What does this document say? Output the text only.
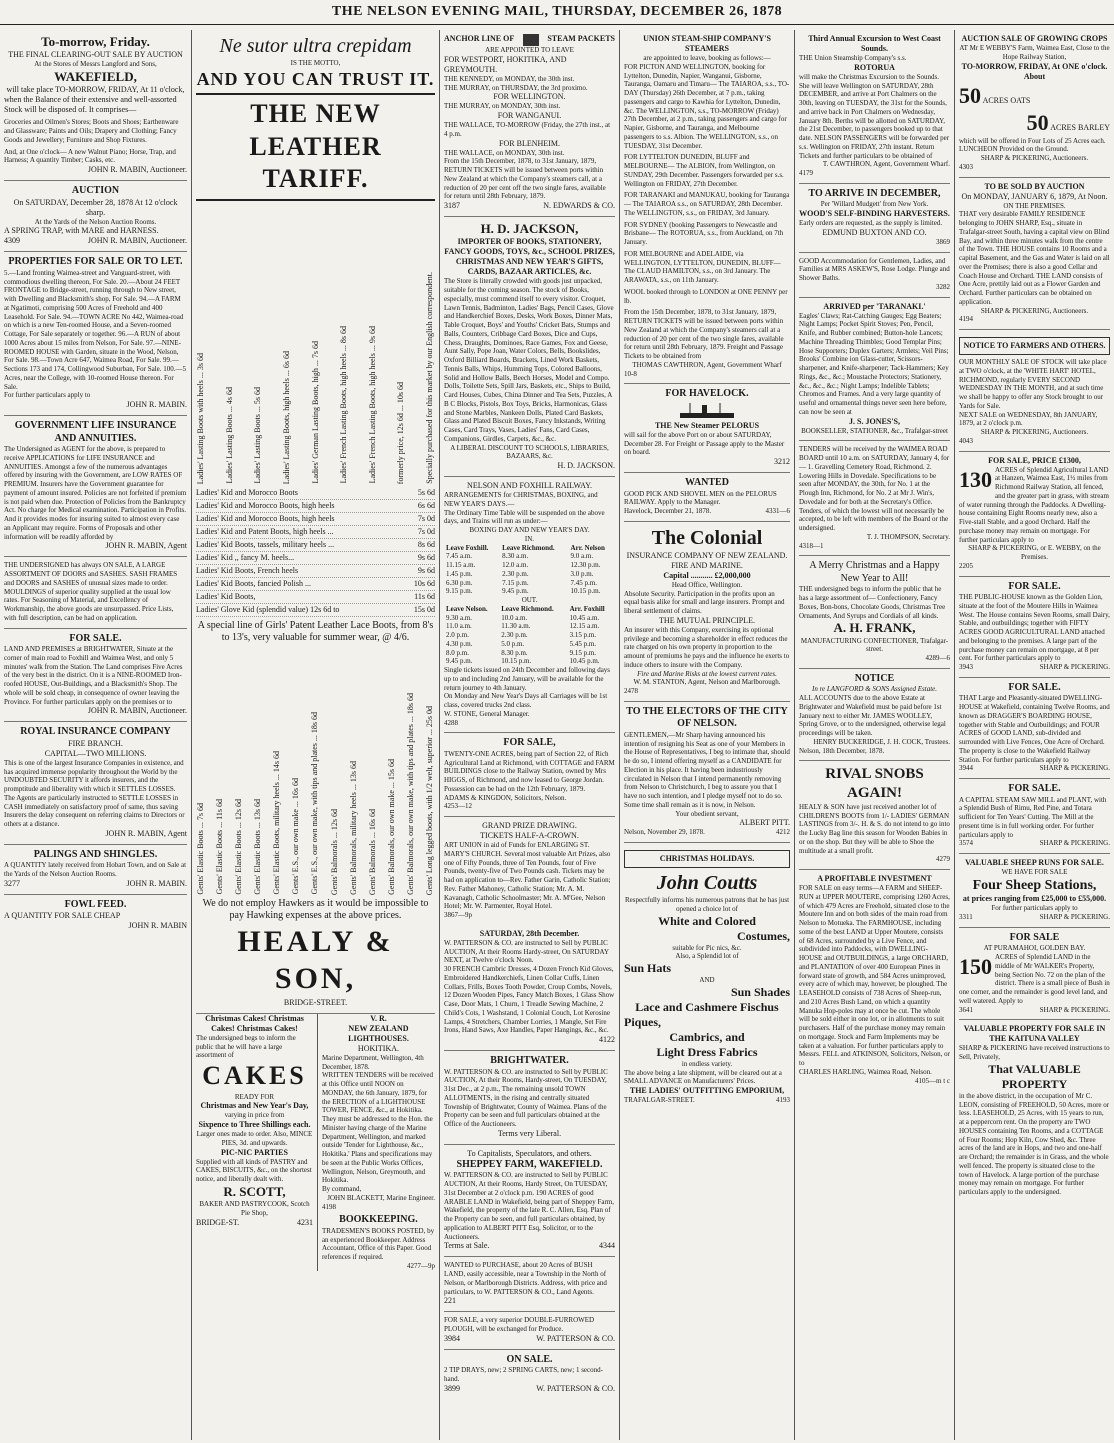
THE NELSON EVENING MAIL, THURSDAY, DECEMBER 26, 1878
To-morrow, Friday.
THE FINAL CLEARING-OUT SALE BY AUCTION
At the Stores of Messrs Langford and Sons,
WAKEFIELD,
will take place TO-MORROW, FRIDAY, At 11 o'clock,
when the Balance of their extensive and well-assorted Stock will be disposed of. It comprises—
Groceries and Oilmen's Stores; Boots and Shoes; Earthenware and Glassware; Paints and Oils; Drapery and Clothing; Fancy Goods and Jewellery; Furniture and Shop Fixtures.
And, at One o'clock— A new Walnut Piano; Horse, Trap, and Harness; A quantity Timber; Casks, etc.
JOHN R. MABIN, Auctioneer.
AUCTION
On SATURDAY, December 28, 1878 At 12 o'clock sharp.
At the Yards of the Nelson Auction Rooms.
A SPRING TRAP, with MARE and HARNESS.
4309	JOHN R. MABIN, Auctioneer.
PROPERTIES FOR SALE OR TO LET.
5.—Land fronting Waimea-street and Vanguard-street, with commodious dwelling thereon, For Sale. 20.—About 24 FEET FRONTAGE to Bridge-street, running through to New street, with Dwelling and Blacksmith's shop, For Sale. 94.—A FARM at Ngatimoti, comprising 500 Acres of Freehold and 400 Leasehold. For Sale. 94.—TOWN ACRE No 442, Waimea-road on which is a new Ten-roomed House, and a Seven-roomed Cottage, For Sale separately or together. 96.—A RUN of about 1000 Acres about 15 miles from Nelson, For Sale. 97.—NINE-ROOMED HOUSE with Garden, situate in the Wood, Nelson, For Sale. 98.—Town Acre 647, Waimea Road, For Sale. 99.—Sections 173 and 174, Collingwood Suburban, For Sale. 100.—5 Acres, near the College, with 10-roomed House thereon. For Sale.
For further particulars apply to
JOHN R. MABIN.
GOVERNMENT LIFE INSURANCE AND ANNUITIES.
The Undersigned as AGENT for the above, is prepared to receive APPLICATIONS for LIFE INSURANCE and ANNUITIES. Amongst a few of the numerous advantages offered by insuring with the Government, are LOW RATES OF PREMIUM. Insurers have the Government guarantee for payment of amount insured. Policies are not forfeited if premium is not paid when due. Protection of Policies from the Bankruptcy Act. No charge for Medical examination. Participation in Profits. And it provides modes for insuring suited to almost every case an Applicant may require. Forms of Proposals and other information will be readily afforded by
JOHN R. MABIN, Agent
THE UNDERSIGNED has always ON SALE, A LARGE ASSORTMENT OF DOORS and SASHES. SASH FRAMES and DOORS and SASHES of unusual sizes made to order. MOULDINGS of superior quality supplied at the usual low rates. For Seasoning of Material, and Excellency of Workmanship, the above goods are unsurpassed. Price Lists, with full description, can be had on application.
FOR SALE.
LAND AND PREMISES at BRIGHTWATER, Situate at the corner of main road to Foxhill and Waimea West, and only 5 minutes' walk from the Station. The Land comprises Five Acres of the very best in the district. On it is a NINE-ROOMED Iron-roofed HOUSE, Out-Buildings, and a Blacksmith's Shop. The whole will be sold cheap, in consequence of owner leaving the Province. For further particulars apply on the premises or to
JOHN R. MABIN, Auctioneer.
ROYAL INSURANCE COMPANY
FIRE BRANCH.
CAPITAL—TWO MILLIONS.
This is one of the largest Insurance Companies in existence, and has acquired immense popularity throughout the World by the UNDOUBTED SECURITY it affords insurers, and the promptitude and liberality with which it SETTLES LOSSES. The Agents are particularly instructed to SETTLE LOSSES in CASH immediately on satisfactory proof of same, thus saving Insurers the delay consequent on referring claims to Directors or others at a distance.
JOHN R. MABIN, Agent
PALINGS AND SHINGLES.
A QUANTITY lately received from Hobart Town, and on Sale at the Yards of the Nelson Auction Rooms.
3277	JOHN R. MABIN.
FOWL FEED.
A QUANTITY FOR SALE CHEAP
JOHN R. MABIN
Ne sutor ultra crepidam
IS THE MOTTO,
AND YOU CAN TRUST IT.
THE NEW LEATHER TARIFF.
Ladies' Lasting Boots with heels ... 3s 6d Ladies' Lasting Boots ... 4s 6d Ladies' Lasting Boots ... 5s 6d Ladies' Lasting Boots, high heels ... 6s 6d Ladies' German Lasting Boots, high ... 7s 6d Ladies' French Lasting Boots, high heels ... 8s 6d Ladies' French Lasting Boots, high heels ... 9s 6d formerly price, 12s 6d ... 10s 6d Specially purchased for this market by our English correspondent.
Ladies' Kid and Morocco Boots	5s 6d
Ladies' Kid and Morocco Boots, high heels	6s 6d
Ladies' Kid and Morocco Boots, high heels	7s 0d
Ladies' Kid and Patent Boots, high heels ...	7s 0d
Ladies' Kid Boots, tassels, military heels ...	8s 6d
Ladies' Kid ,, fancy M. heels...	9s 6d
Ladies' Kid Boots, French heels	9s 6d
Ladies' Kid Boots, fancied Polish ...	10s 6d
Ladies' Kid Boots,	11s 6d
Ladies' Glove Kid (splendid value) 12s 6d to	15s 0d
A special line of Girls' Patent Leather Lace Boots, from 8's to 13's, very valuable for summer wear, @ 4/6.
Gents' Elastic Boots ... 7s 6d Gents' Elastic Boots ... 11s 6d Gents' Elastic Boots ... 12s 6d Gents' Elastic Boots ... 13s 6d Gents' Elastic Boots, military heels ... 14s 6d Gents' E.S., our own make ... 16s 6d Gents' E.S., our own make, with tips and plates ... 18s 6d Gents' Balmorals ... 12s 6d Gents' Balmorals, military heels ... 13s 6d Gents' Balmorals ... 16s 6d Gents' Balmorals, our own make ... 15s 6d Gents' Balmorals, our own make, with tips and plates ... 18s 6d Gents' Long legged boots, with 1/2 welt, superior ... 25s 0d
We do not employ Hawkers as it would be impossible to pay Hawking expenses at the above prices.
HEALY & SON,
BRIDGE-STREET.
Christmas Cakes! Christmas Cakes! Christmas Cakes!
The undersigned begs to inform the public that he will have a large assortment of
CAKES
READY FOR
Christmas and New Year's Day,
varying in price from
Sixpence to Three Shillings each.
Larger ones made to order. Also, MINCE PIES, 3d. and upwards.
PIC-NIC PARTIES
Supplied with all kinds of PASTRY and CAKES, BISCUITS, &c., on the shortest notice, and liberally dealt with.
R. SCOTT,
BAKER AND PASTRYCOOK, Scotch Pie Shop,
BRIDGE-ST.	4231
V. R.
NEW ZEALAND LIGHTHOUSES.
HOKITIKA.
Marine Department, Wellington, 4th December, 1878.
WRITTEN TENDERS will be received at this Office until NOON on MONDAY, the 6th January, 1879, for the ERECTION of a LIGHTHOUSE TOWER, FENCE, &c., at Hokitika. They must be addressed to the Hon. the Minister having charge of the Marine Department, Wellington, and marked outside 'Tender for Lighthouse, &c., Hokitika.' Plans and specifications may be seen at the Public Works Offices, Wellington, Nelson, Greymouth, and Hokitika.
By command,
JOHN BLACKETT, Marine Engineer.
4198
BOOKKEEPING.
TRADESMEN'S BOOKS POSTED, by an experienced Bookkeeper. Address Accountant, Office of this Paper. Good references if required.
4277—9p
ANCHOR LINE OF	STEAM PACKETS
ARE APPOINTED TO LEAVE
FOR WESTPORT, HOKITIKA, AND GREYMOUTH.
THE KENNEDY, on MONDAY, the 30th inst.
THE MURRAY, on THURSDAY, the 3rd proximo.
FOR WELLINGTON.
THE MURRAY, on MONDAY, 30th inst.
FOR WANGANUI.
THE WALLACE, TO-MORROW (Friday, the 27th inst., at 4 p.m.
FOR BLENHEIM.
THE WALLACE, on MONDAY, 30th inst.
From the 15th December, 1878, to 31st January, 1879, RETURN TICKETS will be issued between ports within New Zealand at which the Company's steamers call, at a reduction of 20 per cent off the two single fares, available for return until 28th February, 1879.
3187	N. EDWARDS & CO.
H. D. JACKSON,
IMPORTER OF BOOKS, STATIONERY, FANCY GOODS, TOYS, &c., SCHOOL PRIZES, CHRISTMAS AND NEW YEAR'S GIFTS, CARDS, BAZAAR ARTICLES, &c.
The Store is literally crowded with goods just unpacked, suitable for the coming season. The stock of Books, especially, must commend itself to every visitor. Croquet, Lawn Tennis, Badminton, Ladies' Bags, Pencil Cases, Glove and Handkerchief Boxes, Desks, Work Boxes, Dinner Mats, Table Croquet, Boys' and Youths' Cricket Bats, Stumps and Balls, Counters, Cribbage Card Boxes, Dice and Cups, Chess, Draughts, Dominoes, Race Games, Fox and Geese, Aunt Sally, Pope Joan, Water Colors, Bells, Bookslides, Oxford Billiard Boards, Brackets, Lined Work Baskets, Tennis Balls, Whips, Humming Tops, Colored Balloons, Solid and Hollow Balls, Beech Horses, Model and Compo. Dolls, Toilette Sets, Spill Jars, Baskets, etc., Ships to Build, Card Houses, Cubes, China Dinner and Tea Sets, Puzzles, A B C Blocks, Pistols, Box Toys, Bricks, Harmonicas, Glass and Stone Marbles, Nankeen Dolls, Plated Card Baskets, Glass and Plated Biscuit Boxes, Fancy Inkstands, Writing Cases, Card Trays, Vases, Ladies' Fans, Card Cases, Companions, Girdles, Carpets, &c., &c.
A LIBERAL DISCOUNT TO SCHOOLS, LIBRARIES, BAZAARS, &c.
H. D. JACKSON.
NELSON AND FOXHILL RAILWAY.
ARRANGEMENTS for CHRISTMAS, BOXING, and NEW YEAR'S DAYS.—
The Ordinary Time Table will be suspended on the above days, and Trains will run as under:—
BOXING DAY AND NEW YEAR'S DAY.
IN.
Leave Foxhill.	Leave Richmond.	Arr. Nelson
7.45 a.m.	8.30 a.m.	9.0 a.m.
11.15 a.m.	12.0 a.m.	12.30 p.m.
1.45 p.m.	2.30 p.m.	3.0 p.m.
6.30 p.m.	7.15 p.m.	7.45 p.m.
9.15 p.m.	9.45 p.m.	10.15 p.m.
OUT.
Leave Nelson.	Leave Richmond.	Arr. Foxhill
9.30 a.m.	10.0 a.m.	10.45 a.m.
11.0 a.m.	11.30 a.m.	12.15 a.m.
2.0 p.m.	2.30 p.m.	3.15 p.m.
4.30 p.m.	5.0 p.m.	5.45 p.m.
8.0 p.m.	8.30 p.m.	9.15 p.m.
9.45 p.m.	10.15 p.m.	10.45 p.m.
Single tickets issued on 24th December and following days up to and including 2nd January, will be available for the return journey to 4th January.
On Monday and New Year's Days all Carriages will be 1st class, covered trucks 2nd class.
W. STONE, General Manager.
4288
FOR SALE,
TWENTY-ONE ACRES, being part of Section 22, of Rich Agricultural Land at Richmond, with COTTAGE and FARM BUILDINGS close to the Railway Station, owned by Mrs HIGGS, of Richmond, and now leased to George Jordan. Possession can be had on the 12th February, 1879.
ADAMS & KINGDON, Solicitors, Nelson.
4253—12
GRAND PRIZE DRAWING.
TICKETS HALF-A-CROWN.
ART UNION in aid of Funds for ENLARGING ST. MARY'S CHURCH. Several most valuable Art Prizes, also one of Fifty Pounds, three of Ten Pounds, four of Five Pounds, twenty-five of Two Pounds cash. Tickets may be had on application to—Rev. Father Garin, Catholic Station; Rev. Father Mahoney, Catholic Station; Mr. A. M. Kavanagh, Catholic Schoolmaster; Mr. A. M'Gee, Nelson Hotel; Mr. W. Parmenter, Royal Hotel.
3867—9p
SATURDAY, 28th December.
W. PATTERSON & CO. are instructed to Sell by PUBLIC AUCTION, At their Rooms Hardy-street, On SATURDAY NEXT, at Twelve o'clock Noon.
30 FRENCH Cambric Dresses, 4 Dozen French Kid Gloves, Embroidered Handkerchiefs, Linen Collar Cuffs, Linen Collars, Frills, Boxes Tooth Powder, Croup Combs, Novels, 12 Dozen Wooden Pipes, Fancy Match Boxes, 1 Glass Show Case, Door Mats, 1 Churn, 1 Treadle Sewing Machine, 2 Child's Cots, 1 Washstand, 1 Colonial Couch, Lot Kerosine Lamps, 4 Stretchers, Chamber Lorries, 1 Mangle, Set Fire Irons, Hand Saws, Axe Handles, Paper Hangings, &c., &c.
4122
BRIGHTWATER.
W. PATTERSON & CO. are instructed to Sell by PUBLIC AUCTION, At their Rooms, Hardy-street, On TUESDAY, 31st Dec., at 2 p.m., The remaining unsold TOWN ALLOTMENTS, in the rising and centrally situated Township of Brightwater, County of Waimea. Plans of the Property can be seen and full particulars obtained at the Office of the Auctioneers.
Terms very Liberal.
To Capitalists, Speculators, and others.
SHEPPEY FARM, WAKEFIELD.
W. PATTERSON & CO. are instructed to Sell by PUBLIC AUCTION, At their Rooms, Hardy Street, On TUESDAY, 31st December at 2 o'clock p.m. 190 ACRES of good ARABLE LAND in Wakefield, being part of Sheppey Farm, Wakefield, the property of the late R. C. Allen, Esq. Plan of the Property can be seen, and full particulars obtained, by application to ALBERT PITT Esq, Solicitor, or to the Auctioneers.
Terms at Sale.	4344
WANTED to PURCHASE, about 20 Acres of BUSH LAND, easily accessible, near a Township in the North of Nelson, or Marlborough Districts. Address, with price and particulars, to W. PATTERSON & CO., Land Agents.
221
FOR SALE, a very superior DOUBLE-FURROWED PLOUGH, will be exchanged for Produce.
3984	W. PATTERSON & CO.
ON SALE.
2 TIP DRAYS, new; 2 SPRING CARTS, new; 1 second-hand.
3899	W. PATTERSON & CO.
UNION STEAM-SHIP COMPANY'S STEAMERS
are appointed to leave, booking as follows:—
FOR PICTON AND WELLINGTON, booking for Lyttelton, Dunedin, Napier, Wanganui, Gisborne, Tauranga, Oamaru and Timaru— The TAIAROA, s.s., TO-DAY (Thursday) 26th December, at 7 p.m., taking passengers and cargo to Kawhia for Lyttelton, Dunedin, &c. The WELLINGTON, s.s., TO-MORROW (Friday) 27th December, at 2 p.m., taking passengers and cargo for Napier, Gisborne, and Tauranga, and Melbourne passengers to s.s. Albion. The WELLINGTON, s.s., on TUESDAY, 31st December.
FOR LYTTELTON DUNEDIN, BLUFF and MELBOURNE— The ALBION, from Wellington, on SUNDAY, 29th December. Passengers forwarded per s.s. Wellington on FRIDAY, 27th December.
FOR TARANAKI and MANUKAU, booking for Tauranga— The TAIAROA s.s., on SATURDAY, 28th December. The WELLINGTON, s.s., on FRIDAY, 3rd January.
FOR SYDNEY (booking Passengers to Newcastle and Brisbane— The ROTORUA, s.s., from Auckland, on 7th January.
FOR MELBOURNE and ADELAIDE, via WELLINGTON, LYTTELTON, DUNEDIN, BLUFF— The CLAUD HAMILTON, s.s., on 3rd January. The ARAWATA, s.s., on 11th January.
WOOL booked through to LONDON at ONE PENNY per lb.
From the 15th December, 1878, to 31st January, 1879, RETURN TICKETS will be issued between ports within New Zealand at which the Company's steamers call at a reduction of 20 per cent of the two single fares, available for return until 28th February, 1879. Freight and Passage Tickets to be obtained from
THOMAS CAWTHRON, Agent, Government Wharf
10-8
FOR HAVELOCK.
THE New Steamer PELORUS
will sail for the above Port on or about SATURDAY, December 28. For Freight or Passage apply to the Master on board.
3212
WANTED
GOOD PICK AND SHOVEL MEN on the PELORUS RAILWAY. Apply to the Manager.
Havelock, December 21, 1878.	4331—6
The Colonial
INSURANCE COMPANY OF NEW ZEALAND.
FIRE AND MARINE.
Capital ........... £2,000,000
Head Office, Wellington.
Absolute Security. Participation in the profits upon an equal basis alike for small and large insurers. Prompt and liberal settlement of claims.
THE MUTUAL PRINCIPLE.
An insurer with this Company, exercising its optional privilege and becoming a shareholder in effect reduces the rate charged on his own property in proportion to the amount of premiums he pays and the influence he exerts to induce others to insure with the Company.
Fire and Marine Risks at the lowest current rates.
W. M. STANTON, Agent, Nelson and Marlborough.
2478
TO THE ELECTORS OF THE CITY OF NELSON.
GENTLEMEN,—Mr Sharp having announced his intention of resigning his Seat as one of your Members in the House of Representatives, I beg to intimate that, should he do so, I intend offering myself as a CANDIDATE for Election in his place. It having been industriously circulated in Nelson that I intend permanently removing from Nelson to Christchurch, I beg to assure you that I have no such intention, and I pledge myself not to do so. Some time shall remain as it is now, in Nelson.
Your obedient servant,
ALBERT PITT.
Nelson, November 29, 1878.	4212
CHRISTMAS HOLIDAYS.
John Coutts
Respectfully informs his numerous patrons that he has just opened a choice lot of
White and Colored
Costumes,
suitable for Pic nics, &c.
Also, a Splendid lot of
Sun Hats
AND
Sun Shades
Lace and Cashmere Fischus
Piques,
Cambrics, and
Light Dress Fabrics
in endless variety.
The above being a late shipment, will be cleared out at a SMALL ADVANCE on Manufacturers' Prices.
THE LADIES' OUTFITTING EMPORIUM,
TRAFALGAR-STREET.	4193
Third Annual Excursion to West Coast Sounds.
THE Union Steamship Company's s.s.
ROTORUA
will make the Christmas Excursion to the Sounds. She will leave Wellington on SATURDAY, 28th DECEMBER, and arrive at Port Chalmers on the 30th, leaving on TUESDAY, the 31st for the Sounds, and arrive back in Port Chalmers on Wednesday, January 8th. Berths will be allotted on SATURDAY, the 21st December, to passengers booked up to that date. NELSON PASSENGERS will be forwarded per s.s. Wellington on FRIDAY, 27th instant. Return Tickets and further particulars to be obtained of
T. CAWTHRON, Agent, Government Wharf.
4179
TO ARRIVE IN DECEMBER,
Per 'Willard Mudgett' from New York.
WOOD'S SELF-BINDING HARVESTERS.
Early orders are requested, as the supply is limited.
EDMUND BUXTON AND CO.
3869
GOOD Accommodation for Gentlemen, Ladies, and Families at MRS ASKEW'S, Rose Lodge. Plunge and Shower Baths.
3282
ARRIVED per 'TARANAKI.'
Eagles' Claws; Rat-Catching Gauges; Egg Beaters; Night Lamps; Pocket Spirit Stoves; Pen, Pencil, Knife, and Rubber combined; Button-hole Lancets; Machine Threading Thimbles; Good Templar Pins; Hose Supporters; Duplex Garters; Armlets; Veil Pins; Brooks' Combine ion Glass-cutter, Scissors-sharpener, and Knife-sharpener; Tack-Hammers; Key Rings, &c., &c.; Moustache Protectors; Stationery, &c., &c., &c.; Night Lamps; Indelible Tablets; Chromos and Frames. And a very large quantity of useful and ornamental things never seen here before, can now be seen at
J. S. JONES'S,
BOOKSELLER, STATIONER, &c., Trafalgar-street
TENDERS will be received by the WAIMEA ROAD BOARD until 10 a.m. on SATURDAY, January 4, for— 1. Gravelling Cemetery Road, Richmond. 2. Lowering Hills in Dovedale. Specifications to be seen after MONDAY, the 30th, for No. 1 at the Plough Inn, Richmond, for No. 2 at Mr J. Win's, Dovedale and for both at the Secretary's Office. Tenders, of which the lowest will not necessarily be accepted, to be left with members of the Board or the undersigned.
T. J. THOMPSON, Secretary.
4318—1
A Merry Christmas and a Happy New Year to All!
THE undersigned begs to inform the public that he has a large assortment of— Confectionery, Fancy Boxes, Bon-bons, Chocolate Goods, Christmas Tree Ornaments, And Syrups and Cordials of all kinds.
A. H. FRANK,
MANUFACTURING CONFECTIONER, Trafalgar-street.
4289—6
NOTICE
In re LANGFORD & SONS Assigned Estate.
ALL ACCOUNTS due to the above Estate at Brightwater and Wakefield must be paid before 1st January next to either Mr. JAMES WOOLLEY, Spring Grove, or to the undersigned, otherwise legal proceedings will be taken.
HENRY BUCKERIDGE, J. H. COCK, Trustees.
Nelson, 18th December, 1878.
RIVAL SNOBS AGAIN!
HEALY & SON have just received another lot of CHILDREN'S BOOTS from 1/- LADIES' GERMAN LASTINGS from 3/-. H. & S. do not intend to go into the Lucky Bag line this season for Wooden Babies in or on the shop. But they will be able to Shoe the multitude at a small profit.
4279
A PROFITABLE INVESTMENT
FOR SALE on easy terms—A FARM and SHEEP-RUN at UPPER MOUTERE, comprising 1260 Acres, of which 479 Acres are Freehold, situated close to the Moutere Inn and on both sides of the main road from Nelson to Motueka. The FARMHOUSE, including some of the best LAND at Upper Moutere, consists of 68 Acres, surrounded by a Live Fence, and subdivided into Paddocks, with DWELLING-HOUSE and OUTBUILDINGS, a large ORCHARD, and PLANTATION of over 400 European Pines in forward state of growth, and 584 Acres unimproved, every acre of which may, however, be ploughed. The LEASEHOLD consists of 738 Acres of Sheep-run, and 210 Acres Bush Land, on which a quantity Manuka Hop-poles may at once be cut. The whole will be sold either in one lot, or in allotments to suit purchasers. Half of the purchase money may remain on mortgage. Stock and Farm Implements may be taken at a valuation. For further particulars apply to Messrs. FELL and ATKINSON, Solicitors, Nelson, or to
CHARLES HARLING, Waimea Road, Nelson.
4105—m t c
AUCTION SALE OF GROWING CROPS
AT Mr E WEBBY'S Farm, Waimea East, Close to the Hope Railway Station,
TO-MORROW, FRIDAY, At ONE o'clock. About
50 ACRES OATS
50 ACRES BARLEY
which will be offered in Four Lots of 25 Acres each. LUNCHEON Provided on the Ground.
SHARP & PICKERING, Auctioneers.
4303
TO BE SOLD BY AUCTION
On MONDAY, JANUARY 6, 1879, At Noon.
ON THE PREMISES.
THAT very desirable FAMILY RESIDENCE belonging to JOHN SHARP, Esq., situate in Trafalgar-street South, having a capital view on Blind Bay, and within three minutes walk from the centre of the Town. THE HOUSE contains 10 Rooms and a capital Basement, and the Gas and Water is laid on all over the Premises; there is also a good Cellar and Coach House and Orchard. THE LAND consists of One Acre, prettily laid out as a Flower Garden and Orchard. Further particulars can be obtained on application.
SHARP & PICKERING, Auctioneers.
4194
NOTICE TO FARMERS AND OTHERS.
OUR MONTHLY SALE OF STOCK will take place at TWO o'clock, at the 'WHITE HART' HOTEL, RICHMOND, regularly EVERY SECOND WEDNESDAY IN THE MONTH, and at such time we shall be happy to offer any Stock brought to our Yards for Sale.
NEXT SALE on WEDNESDAY, 8th JANUARY, 1879, at 2 o'clock p.m.
SHARP & PICKERING, Auctioneers.
4043
FOR SALE, PRICE £1300,
130 ACRES of Splendid Agricultural LAND at Hanzen, Waimea East, 1½ miles from Richmond Railway Station, all fenced, and the greater part in grass, with stream of water running through the Paddocks. A Dwelling-house containing Eight Rooms nearly new, also a Five-stall Stable, and a good Orchard. Half the purchase money may remain on mortgage. For further particulars apply to
SHARP & PICKERING, or E. WEBBY, on the Premises.
2205
FOR SALE.
THE PUBLIC-HOUSE known as the Golden Lion, situate at the foot of the Moutere Hills in Waimea West. The House contains Seven Rooms, small Dairy, Stable, and outbuildings; together with FIFTY ACRES GOOD AGRICULTURAL LAND attached and belonging to the premises. A large part of the purchase money can remain on mortgage, at 8 per cent. For further particulars apply to
3943	SHARP & PICKERING.
FOR SALE.
THAT Large and Pleasantly-situated DWELLING-HOUSE at Wakefield, containing Twelve Rooms, and known as DRAGGER'S BOARDING HOUSE, together with Stable and Outbuildings; and FOUR ACRES of GOOD LAND, sub-divided and surrounded with Live Fences, One Acre of Orchard. The property is close to the Wakefield Railway Station. For further particulars apply to
3944	SHARP & PICKERING.
FOR SALE.
A CAPITAL STEAM SAW MILL and PLANT, with a Splendid Bush of Rimu, Red Pine, and Totara sufficient for Ten Years' Cutting. The Mill at the present time is in full working order. For further particulars apply to
3574	SHARP & PICKERING.
VALUABLE SHEEP RUNS FOR SALE.
WE HAVE FOR SALE
Four Sheep Stations,
at prices ranging from £25,000 to £55,000.
For further particulars apply to
3311	SHARP & PICKERING.
FOR SALE
AT PURAMAHOI, GOLDEN BAY.
150 ACRES of Splendid LAND in the middle of Mr WALKER's Property, being Section No. 72 on the plan of the district. There is a small piece of Bush in one corner, and the remainder is good level land, and well watered. Apply to
3641	SHARP & PICKERING.
VALUABLE PROPERTY FOR SALE IN THE KAITUNA VALLEY
SHARP & PICKERING have received instructions to Sell, Privately,
That VALUABLE PROPERTY
in the above district, in the occupation of Mr C. LEON, consisting of FREEHOLD, 50 Acres, more or less. LEASEHOLD, 25 Acres, with 15 years to run, at a peppercorn rent. On the property are TWO HOUSES containing Ten Rooms, and a COTTAGE of Four Rooms; Hop Kiln, Cow Shed, &c. Three acres of the land are in Hops, and two and one-half are Orchard; the remainder is in Grass, and the whole well fenced. The property is situated close to the town of Havelock. A large portion of the purchase money may remain on mortgage. For further particulars apply to the undersigned.
